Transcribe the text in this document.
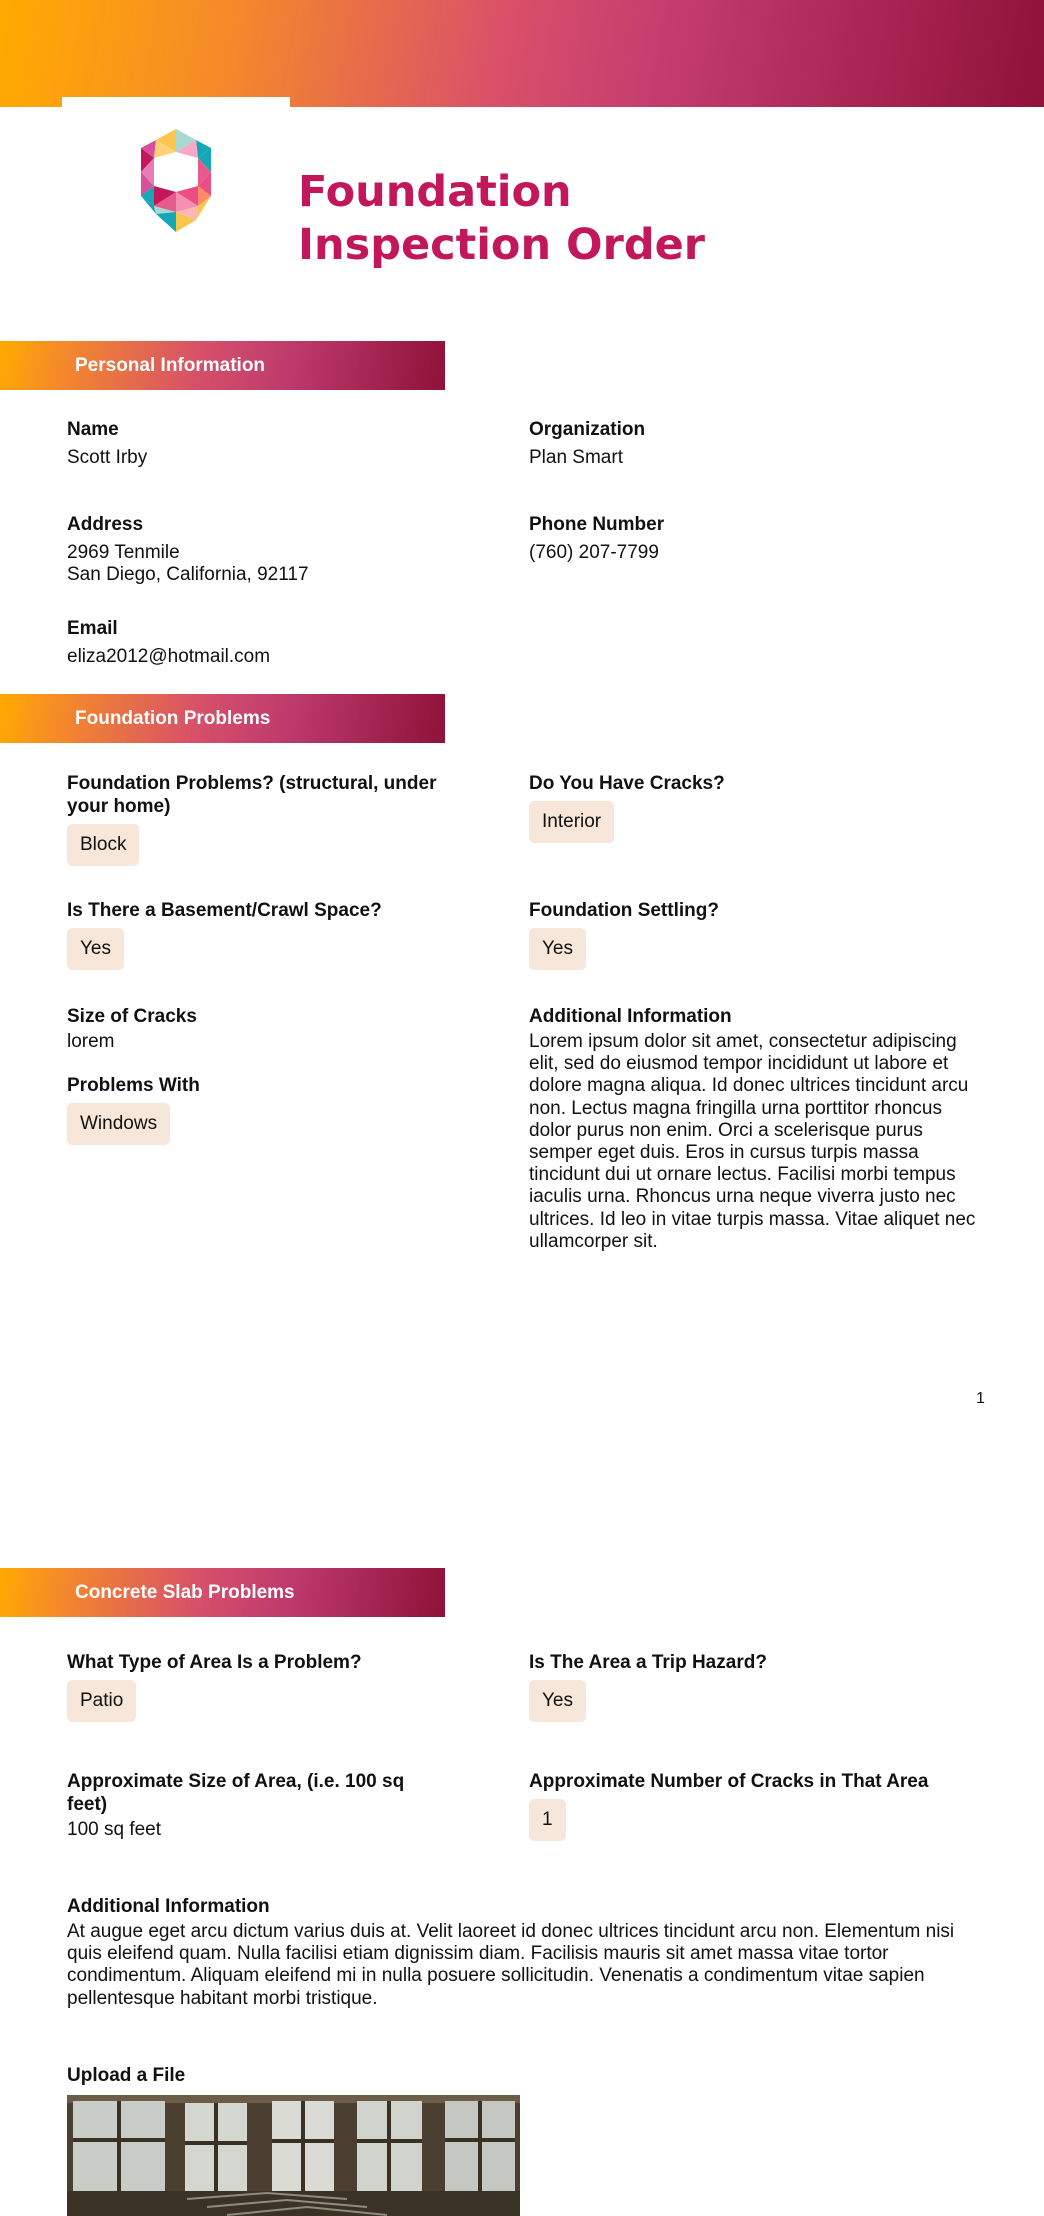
Foundation Inspection Order
Personal Information
Name
Scott Irby
Organization
Plan Smart
Address
2969 Tenmile
San Diego, California, 92117
Phone Number
(760) 207-7799
Email
eliza2012@hotmail.com
Foundation Problems
Foundation Problems? (structural, under your home)
Block
Do You Have Cracks?
Interior
Is There a Basement/Crawl Space?
Yes
Foundation Settling?
Yes
Size of Cracks
lorem
Problems With
Windows
Additional Information
Lorem ipsum dolor sit amet, consectetur adipiscing elit, sed do eiusmod tempor incididunt ut labore et dolore magna aliqua. Id donec ultrices tincidunt arcu non. Lectus magna fringilla urna porttitor rhoncus dolor purus non enim. Orci a scelerisque purus semper eget duis. Eros in cursus turpis massa tincidunt dui ut ornare lectus. Facilisi morbi tempus iaculis urna. Rhoncus urna neque viverra justo nec ultrices. Id leo in vitae turpis massa. Vitae aliquet nec ullamcorper sit.
1
Concrete Slab Problems
What Type of Area Is a Problem?
Patio
Is The Area a Trip Hazard?
Yes
Approximate Size of Area, (i.e. 100 sq feet)
100 sq feet
Approximate Number of Cracks in That Area
1
Additional Information
At augue eget arcu dictum varius duis at. Velit laoreet id donec ultrices tincidunt arcu non. Elementum nisi quis eleifend quam. Nulla facilisi etiam dignissim diam. Facilisis mauris sit amet massa vitae tortor condimentum. Aliquam eleifend mi in nulla posuere sollicitudin. Venenatis a condimentum vitae sapien pellentesque habitant morbi tristique.
Upload a File
